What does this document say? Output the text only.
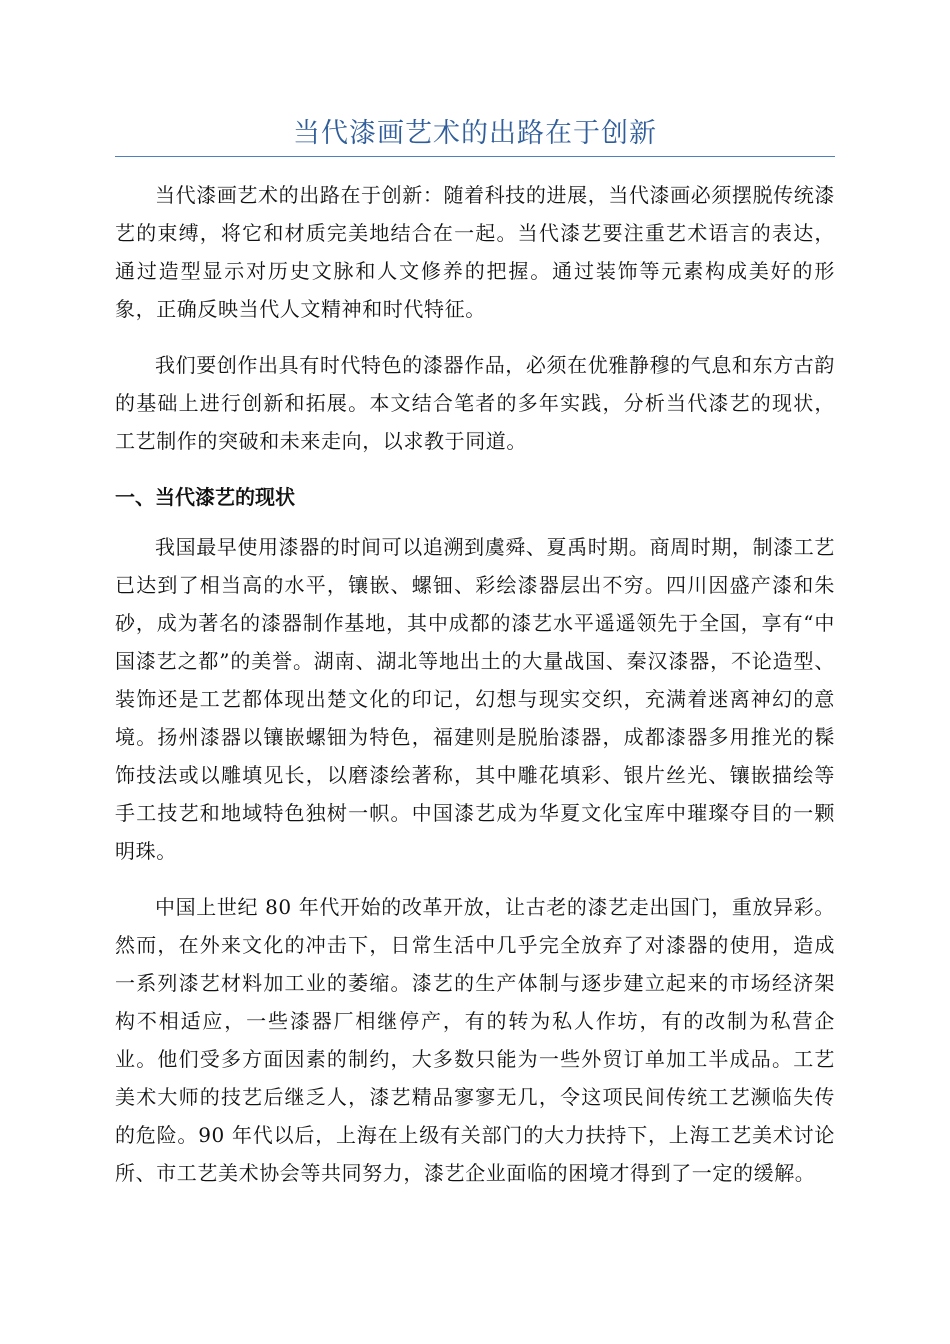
当代漆画艺术的出路在于创新

当代漆画艺术的出路在于创新：随着科技的进展，当代漆画必须摆脱传统漆艺的束缚，将它和材质完美地结合在一起。当代漆艺要注重艺术语言的表达，通过造型显示对历史文脉和人文修养的把握。通过装饰等元素构成美好的形象，正确反映当代人文精神和时代特征。

我们要创作出具有时代特色的漆器作品，必须在优雅静穆的气息和东方古韵的基础上进行创新和拓展。本文结合笔者的多年实践，分析当代漆艺的现状，工艺制作的突破和未来走向，以求教于同道。

一、当代漆艺的现状

我国最早使用漆器的时间可以追溯到虞舜、夏禹时期。商周时期，制漆工艺已达到了相当高的水平，镶嵌、螺钿、彩绘漆器层出不穷。四川因盛产漆和朱砂，成为著名的漆器制作基地，其中成都的漆艺水平遥遥领先于全国，享有“中国漆艺之都”的美誉。湖南、湖北等地出土的大量战国、秦汉漆器，不论造型、装饰还是工艺都体现出楚文化的印记，幻想与现实交织，充满着迷离神幻的意境。扬州漆器以镶嵌螺钿为特色，福建则是脱胎漆器，成都漆器多用推光的髹饰技法或以雕填见长，以磨漆绘著称，其中雕花填彩、银片丝光、镶嵌描绘等手工技艺和地域特色独树一帜。中国漆艺成为华夏文化宝库中璀璨夺目的一颗明珠。

中国上世纪 80 年代开始的改革开放，让古老的漆艺走出国门，重放异彩。然而，在外来文化的冲击下，日常生活中几乎完全放弃了对漆器的使用，造成一系列漆艺材料加工业的萎缩。漆艺的生产体制与逐步建立起来的市场经济架构不相适应，一些漆器厂相继停产，有的转为私人作坊，有的改制为私营企业。他们受多方面因素的制约，大多数只能为一些外贸订单加工半成品。工艺美术大师的技艺后继乏人，漆艺精品寥寥无几，令这项民间传统工艺濒临失传的危险。90 年代以后，上海在上级有关部门的大力扶持下，上海工艺美术讨论所、市工艺美术协会等共同努力，漆艺企业面临的困境才得到了一定的缓解。
